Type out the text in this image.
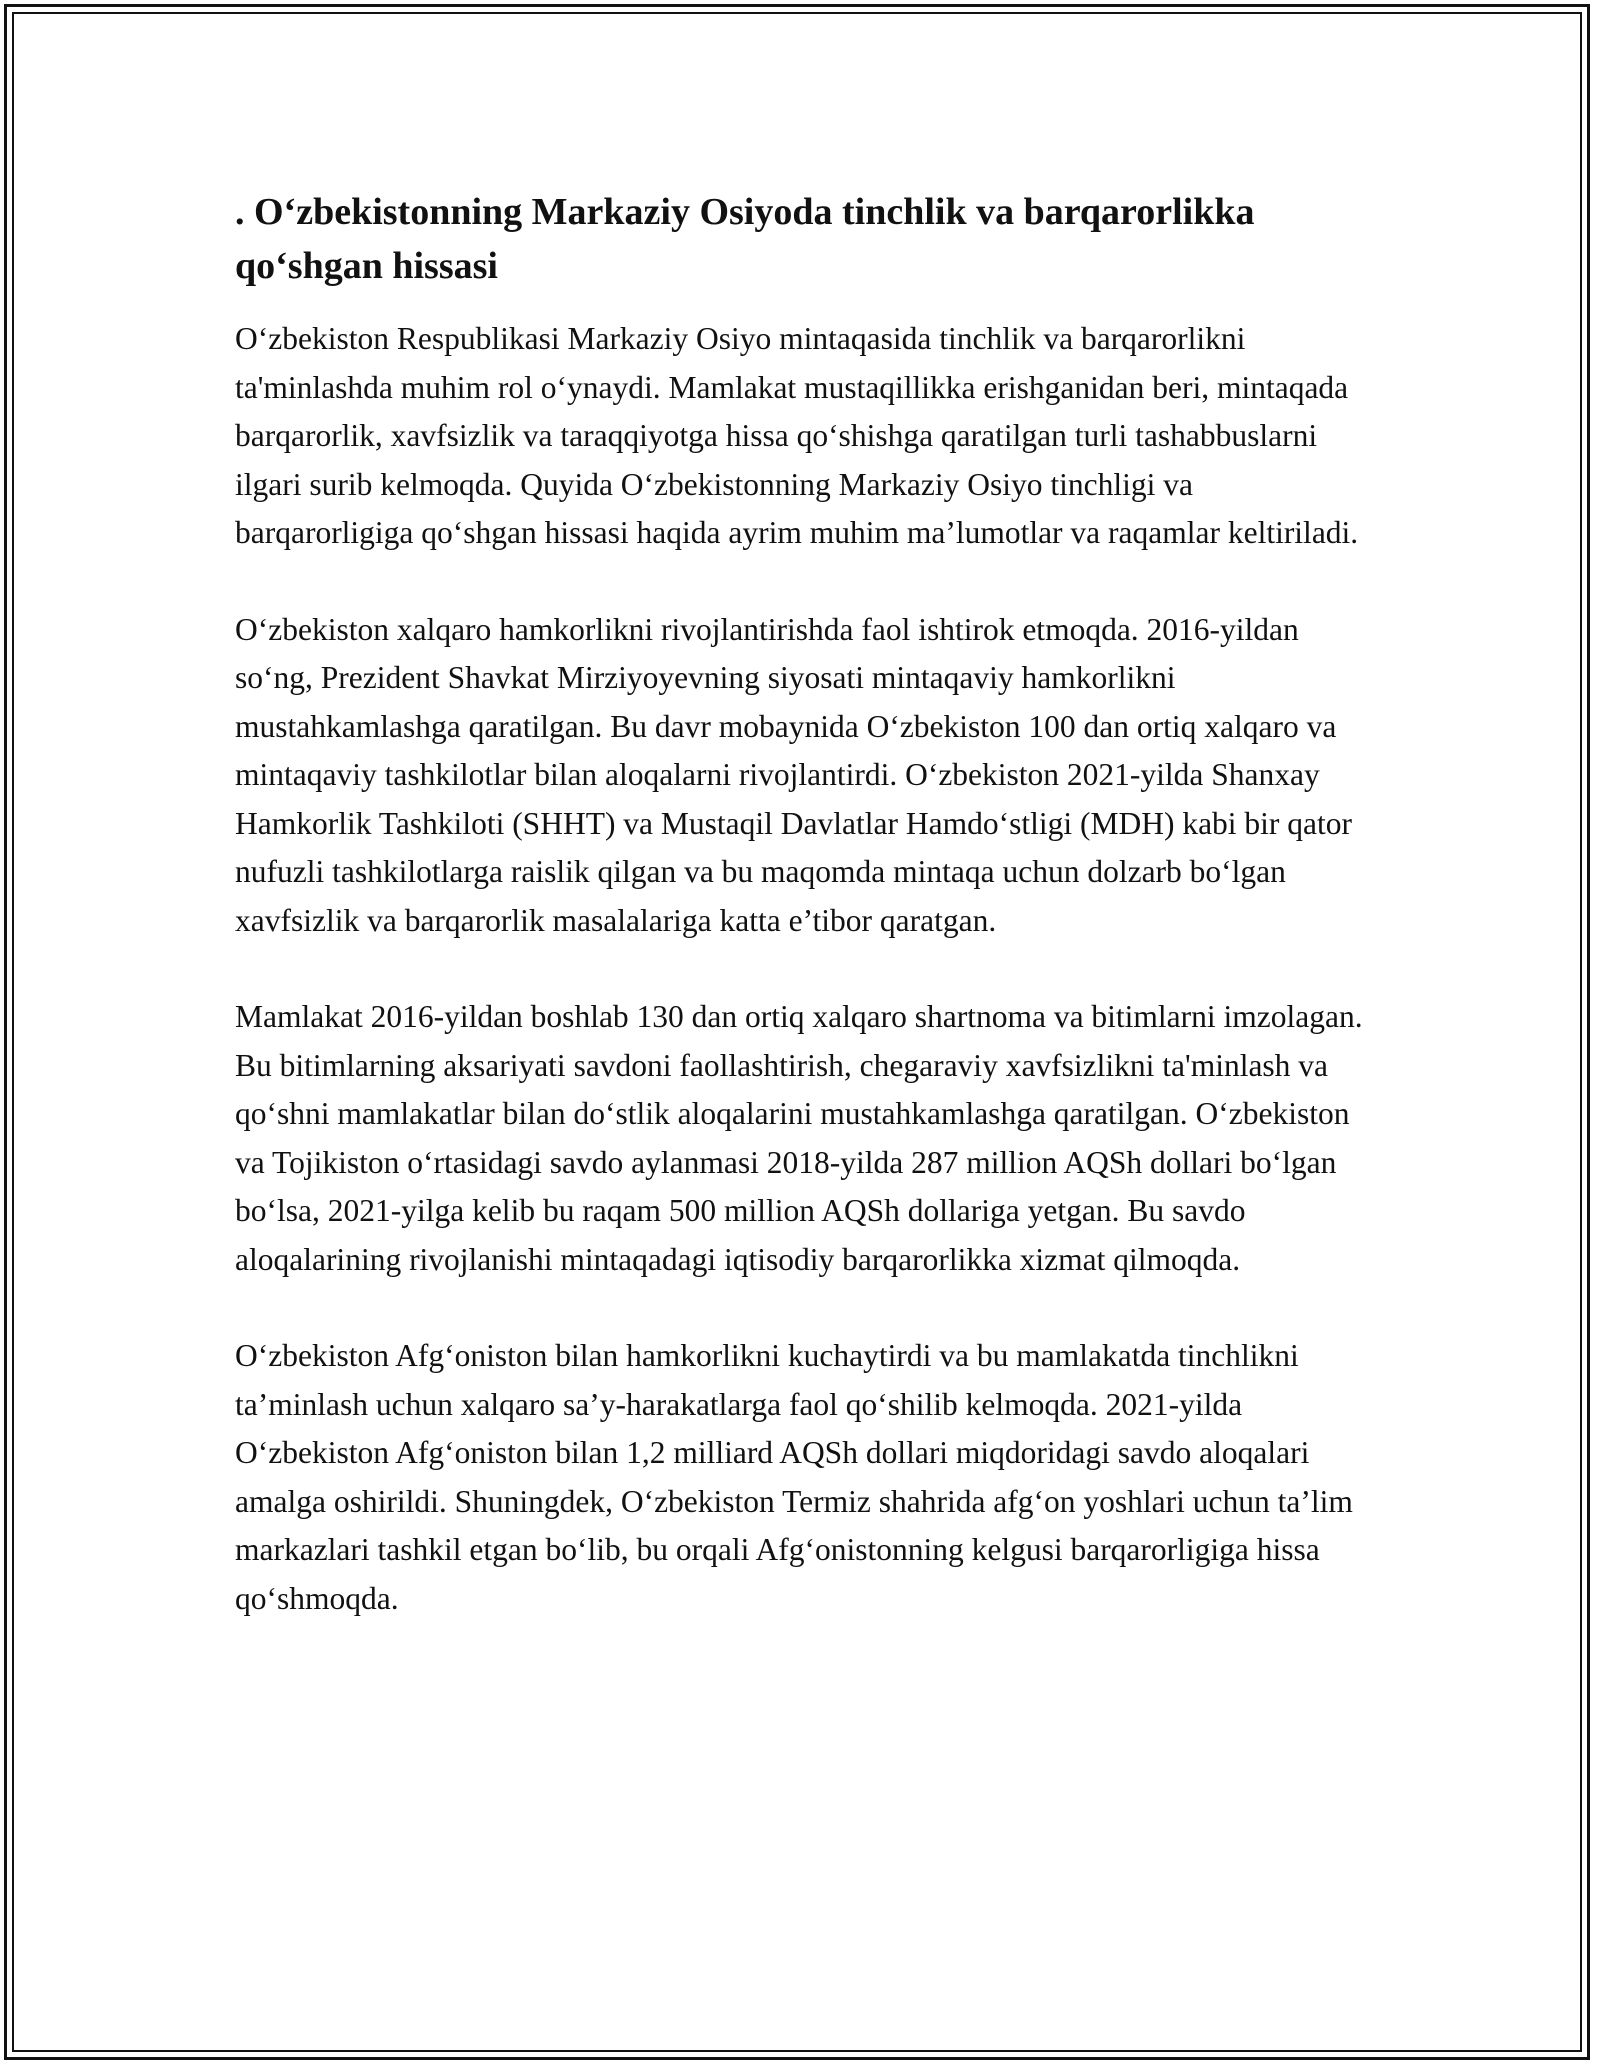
. O‘zbekistonning Markaziy Osiyoda tinchlik va barqarorlikka qo‘shgan hissasi

O‘zbekiston Respublikasi Markaziy Osiyo mintaqasida tinchlik va barqarorlikni ta'minlashda muhim rol o‘ynaydi. Mamlakat mustaqillikka erishganidan beri, mintaqada barqarorlik, xavfsizlik va taraqqiyotga hissa qo‘shishga qaratilgan turli tashabbuslarni ilgari surib kelmoqda. Quyida O‘zbekistonning Markaziy Osiyo tinchligi va barqarorligiga qo‘shgan hissasi haqida ayrim muhim ma’lumotlar va raqamlar keltiriladi.

O‘zbekiston xalqaro hamkorlikni rivojlantirishda faol ishtirok etmoqda. 2016-yildan so‘ng, Prezident Shavkat Mirziyoyevning siyosati mintaqaviy hamkorlikni mustahkamlashga qaratilgan. Bu davr mobaynida O‘zbekiston 100 dan ortiq xalqaro va mintaqaviy tashkilotlar bilan aloqalarni rivojlantirdi. O‘zbekiston 2021-yilda Shanxay Hamkorlik Tashkiloti (SHHT) va Mustaqil Davlatlar Hamdo‘stligi (MDH) kabi bir qator nufuzli tashkilotlarga raislik qilgan va bu maqomda mintaqa uchun dolzarb bo‘lgan xavfsizlik va barqarorlik masalalariga katta e’tibor qaratgan.

Mamlakat 2016-yildan boshlab 130 dan ortiq xalqaro shartnoma va bitimlarni imzolagan. Bu bitimlarning aksariyati savdoni faollashtirish, chegaraviy xavfsizlikni ta'minlash va qo‘shni mamlakatlar bilan do‘stlik aloqalarini mustahkamlashga qaratilgan. O‘zbekiston va Tojikiston o‘rtasidagi savdo aylanmasi 2018-yilda 287 million AQSh dollari bo‘lgan bo‘lsa, 2021-yilga kelib bu raqam 500 million AQSh dollariga yetgan. Bu savdo aloqalarining rivojlanishi mintaqadagi iqtisodiy barqarorlikka xizmat qilmoqda.

O‘zbekiston Afg‘oniston bilan hamkorlikni kuchaytirdi va bu mamlakatda tinchlikni ta’minlash uchun xalqaro sa’y-harakatlarga faol qo‘shilib kelmoqda. 2021-yilda O‘zbekiston Afg‘oniston bilan 1,2 milliard AQSh dollari miqdoridagi savdo aloqalari amalga oshirildi. Shuningdek, O‘zbekiston Termiz shahrida afg‘on yoshlari uchun ta’lim markazlari tashkil etgan bo‘lib, bu orqali Afg‘onistonning kelgusi barqarorligiga hissa qo‘shmoqda.
